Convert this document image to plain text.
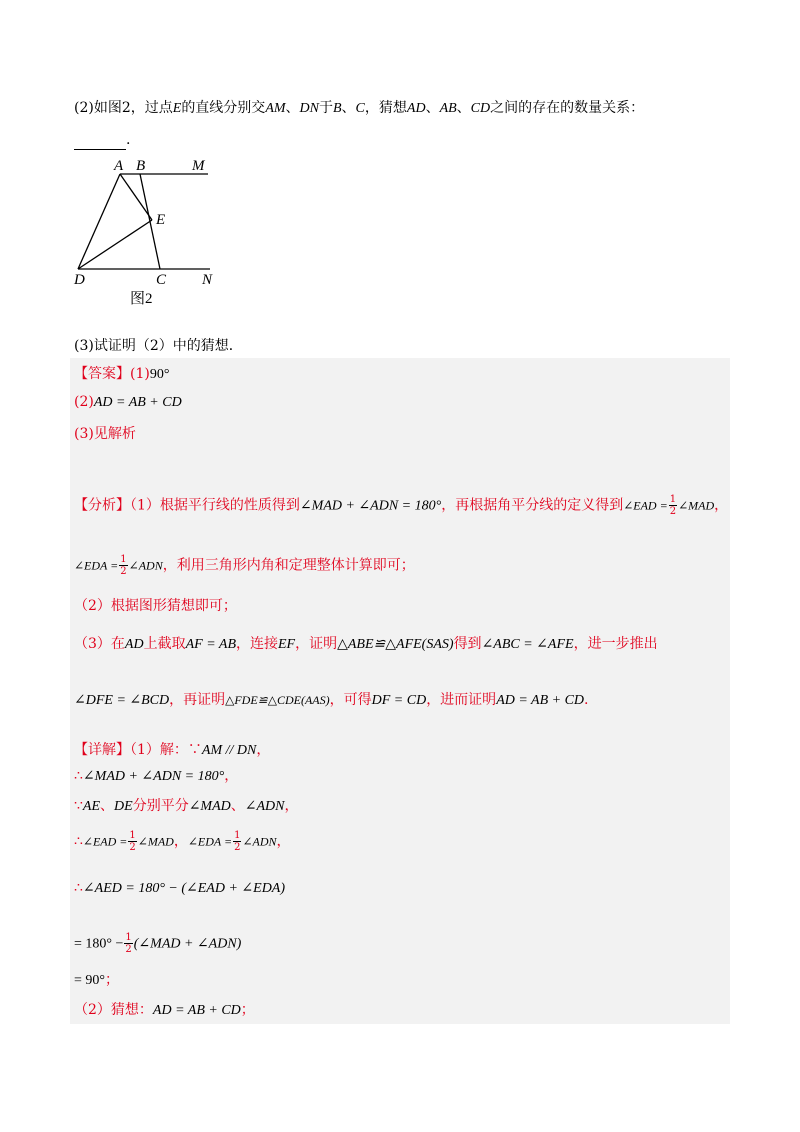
(2)如图2，过点E的直线分别交AM、DN于B、C，猜想AD、AB、CD之间的存在的数量关系：
.
A B	M
E
D	C N
图2
(3)试证明（2）中的猜想．
【答案】(1)90°
(2)AD = AB + CD
(3)见解析
【分析】（1）根据平行线的性质得到∠MAD + ∠ADN = 180°，再根据角平分线的定义得到∠EAD = $\frac{1}{2}$ ∠MAD，
∠EDA = $\frac{1}{2}$ ∠ADN，利用三角形内角和定理整体计算即可；
（2）根据图形猜想即可；
（3）在AD上截取AF = AB，连接EF，证明△ABE≌△AFE(SAS)得到∠ABC = ∠AFE，进一步推出
∠DFE = ∠BCD，再证明△FDE≌△CDE(AAS)，可得DF = CD，进而证明AD = AB + CD.
【详解】（1）解：∵AM // DN，
∴∠MAD + ∠ADN = 180°，
∵AE、DE分别平分∠MAD、∠ADN，
∴∠EAD = $\frac{1}{2}$ ∠MAD，∠EDA = $\frac{1}{2}$ ∠ADN，
∴∠AED = 180° − (∠EAD + ∠EDA)
= $180^\circ - \frac{1}{2}$ (∠MAD + ∠ADN)
= 90°；
（2）猜想：AD = AB + CD；
